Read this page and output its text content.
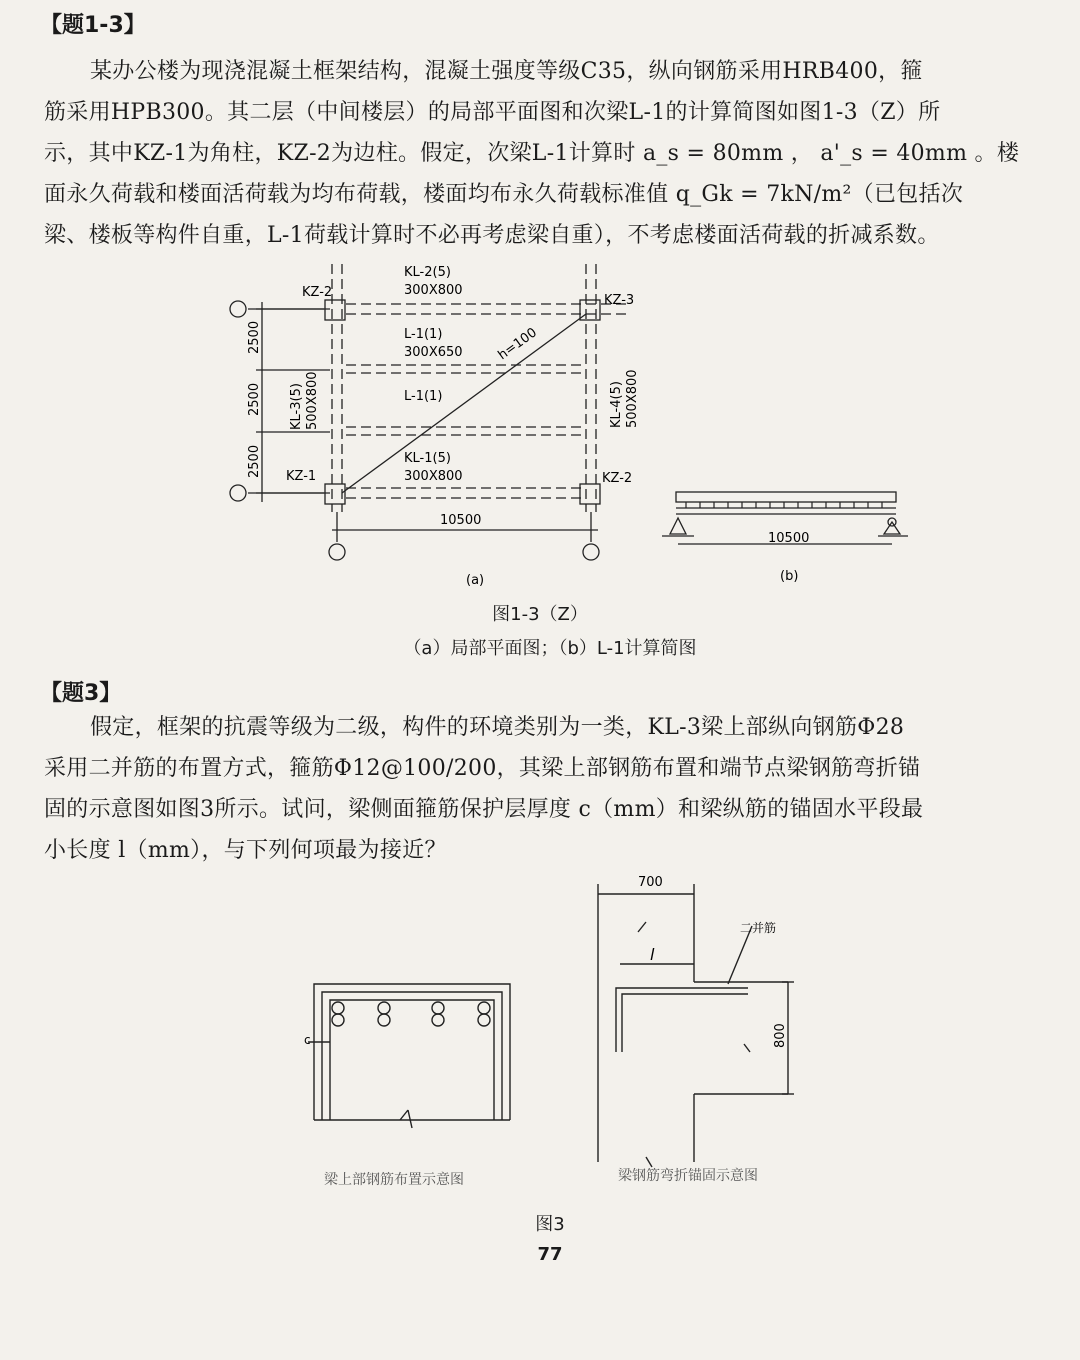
【题1-3】
某办公楼为现浇混凝土框架结构，混凝土强度等级C35，纵向钢筋采用HRB400，箍
筋采用HPB300。其二层（中间楼层）的局部平面图和次梁L-1的计算简图如图1-3（Z）所
示，其中KZ-1为角柱，KZ-2为边柱。假定，次梁L-1计算时 a_s = 80mm ， a'_s = 40mm 。楼
面永久荷载和楼面活荷载为均布荷载，楼面均布永久荷载标准值 q_Gk = 7kN/m²（已包括次
梁、楼板等构件自重，L-1荷载计算时不必再考虑梁自重），不考虑楼面活荷载的折减系数。
KZ-2
KZ-3
KZ-1	KZ-2
KL-2(5)
300X800
L-1(1)
300X650
L-1(1)
KL-1(5)
300X800
h=100
KL-3(5) 500X800	KL-4(5) 500X800
2500
2500
2500
10500
(a)
10500
(b)
图1-3（Z）
（a）局部平面图；（b）L-1计算简图
【题3】
假定，框架的抗震等级为二级，构件的环境类别为一类，KL-3梁上部纵向钢筋Φ28
采用二并筋的布置方式，箍筋Φ12@100/200，其梁上部钢筋布置和端节点梁钢筋弯折锚
固的示意图如图3所示。试问，梁侧面箍筋保护层厚度 c（mm）和梁纵筋的锚固水平段最
小长度 l（mm），与下列何项最为接近？
c
梁上部钢筋布置示意图
700
l
800
二并筋
梁钢筋弯折锚固示意图
图3
77
